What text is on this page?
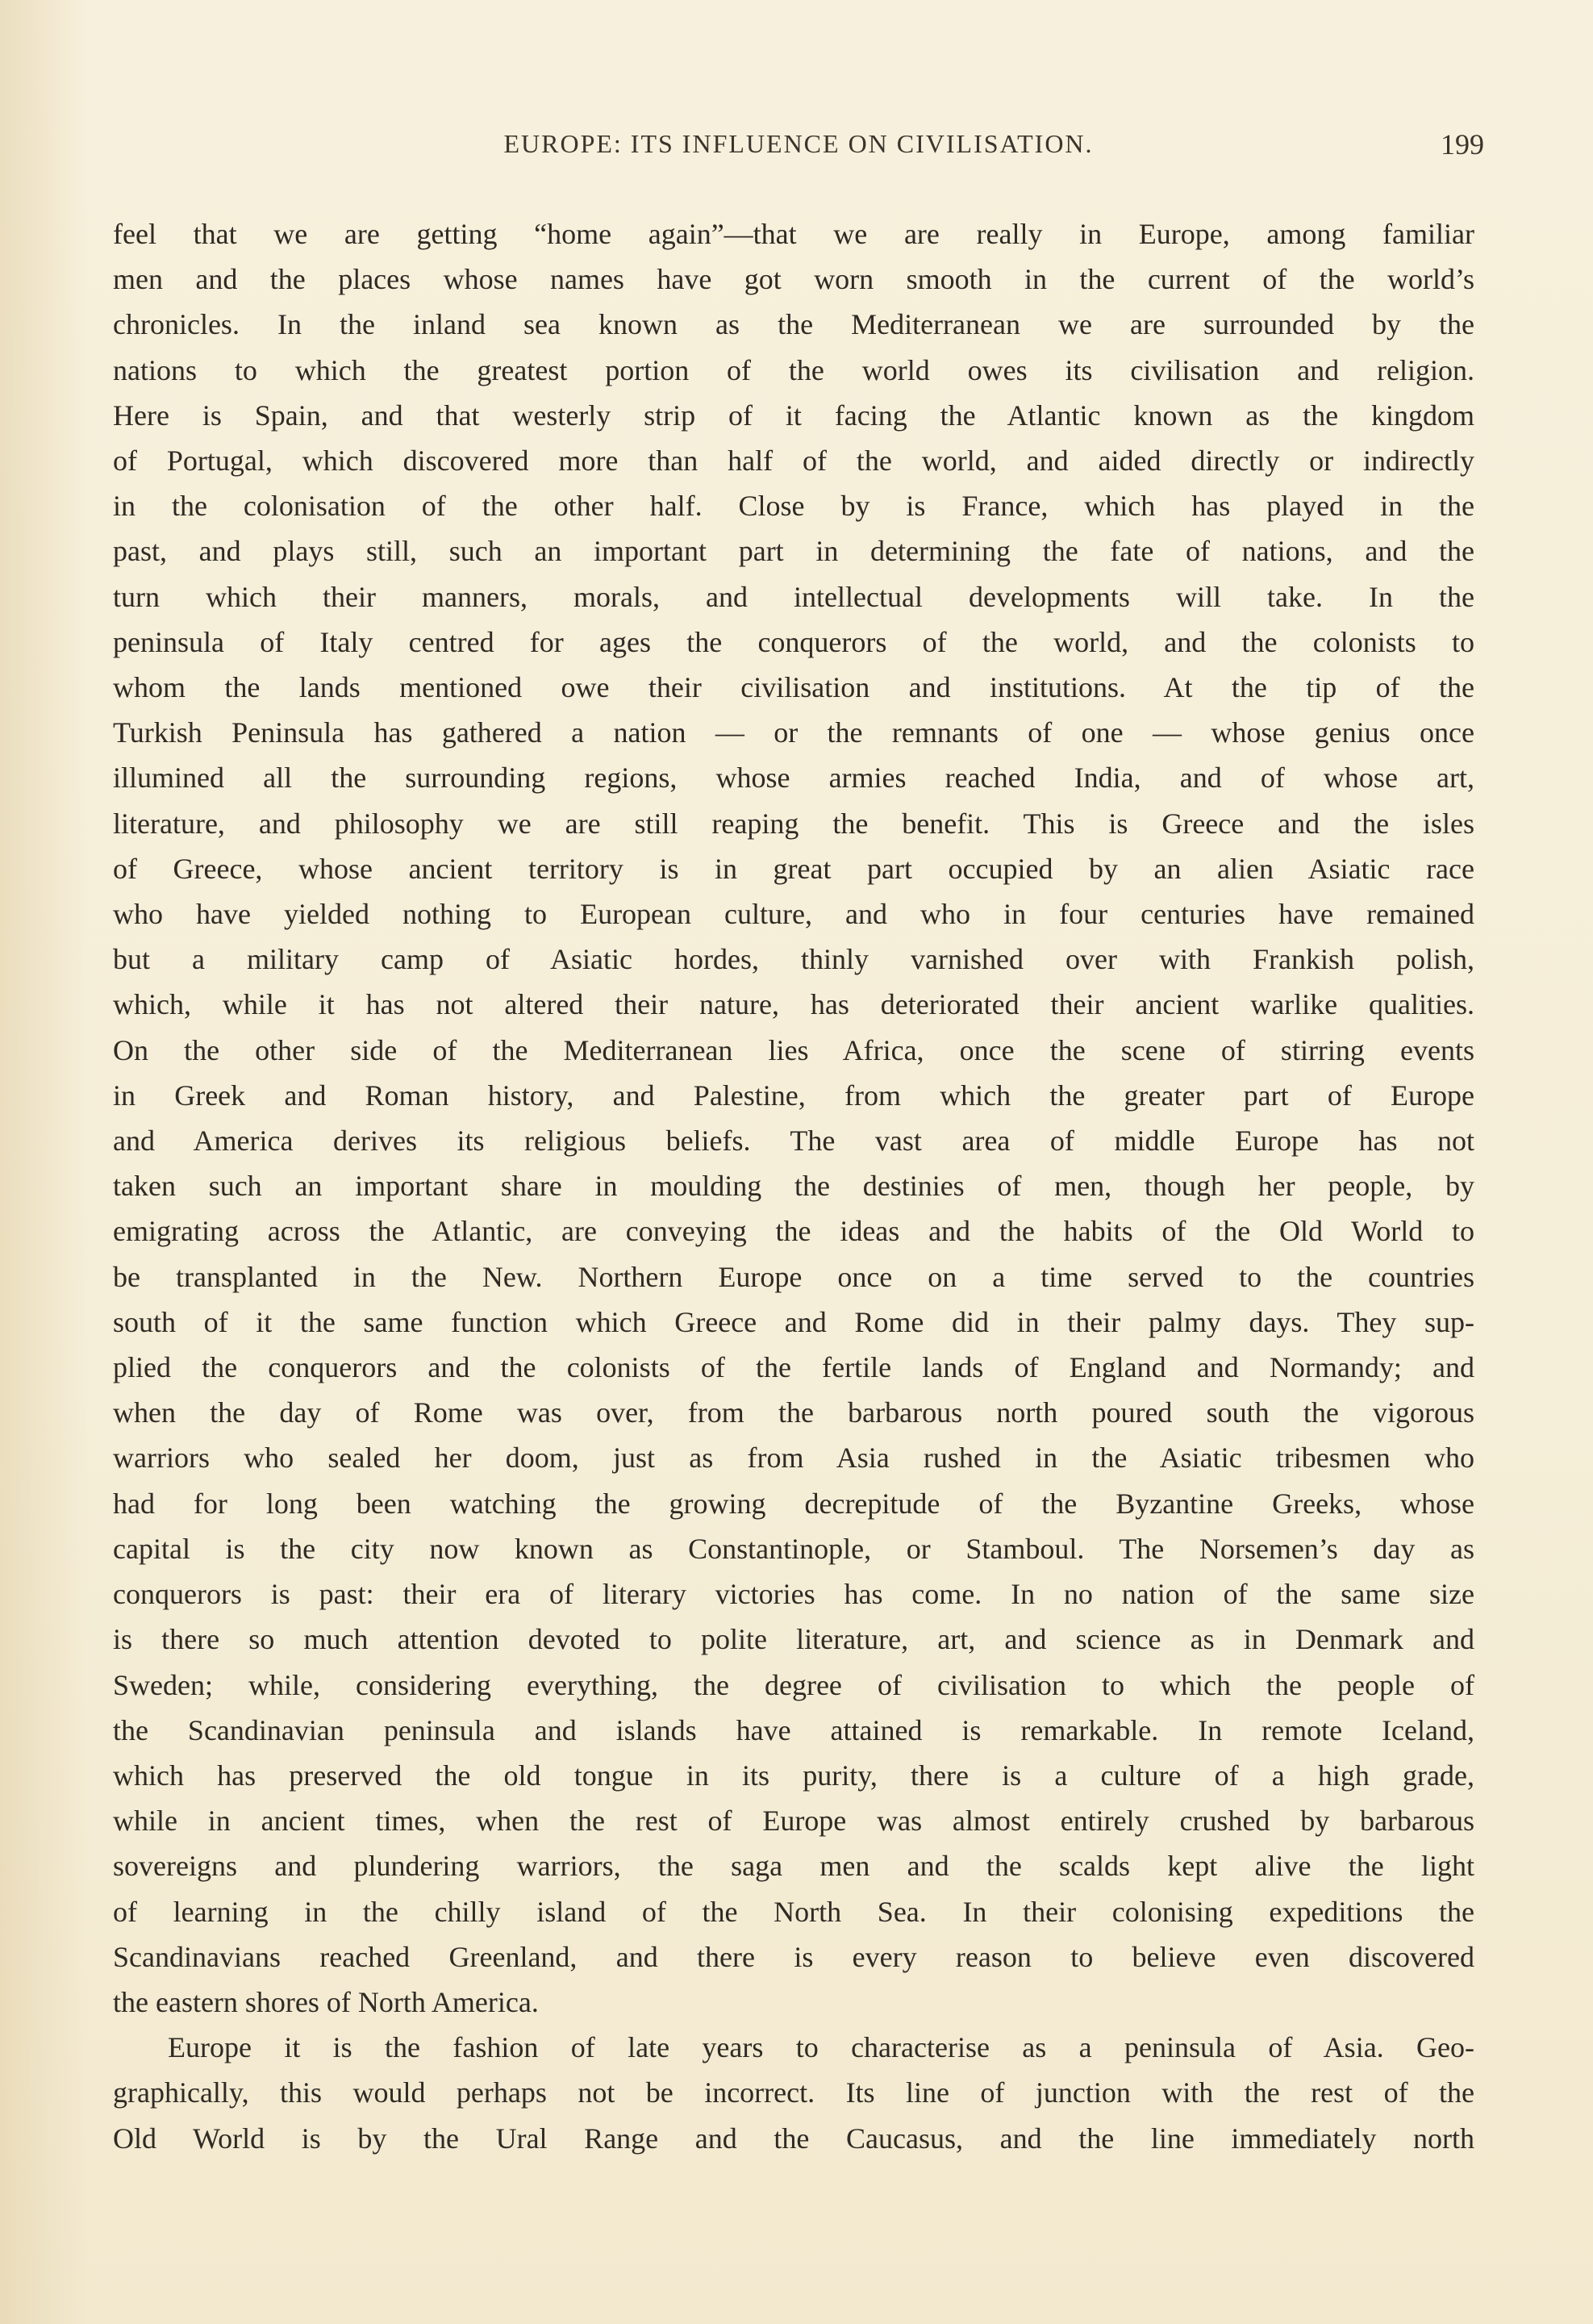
EUROPE: ITS INFLUENCE ON CIVILISATION.	199

feel that we are getting “home again”—that we are really in Europe, among familiar

men and the places whose names have got worn smooth in the current of the world’s

chronicles. In the inland sea known as the Mediterranean we are surrounded by the

nations to which the greatest portion of the world owes its civilisation and religion.

Here is Spain, and that westerly strip of it facing the Atlantic known as the kingdom

of Portugal, which discovered more than half of the world, and aided directly or indirectly

in the colonisation of the other half. Close by is France, which has played in the

past, and plays still, such an important part in determining the fate of nations, and the

turn which their manners, morals, and intellectual developments will take. In the

peninsula of Italy centred for ages the conquerors of the world, and the colonists to

whom the lands mentioned owe their civilisation and institutions. At the tip of the

Turkish Peninsula has gathered a nation — or the remnants of one — whose genius once

illumined all the surrounding regions, whose armies reached India, and of whose art,

literature, and philosophy we are still reaping the benefit. This is Greece and the isles

of Greece, whose ancient territory is in great part occupied by an alien Asiatic race

who have yielded nothing to European culture, and who in four centuries have remained

but a military camp of Asiatic hordes, thinly varnished over with Frankish polish,

which, while it has not altered their nature, has deteriorated their ancient warlike qualities.

On the other side of the Mediterranean lies Africa, once the scene of stirring events

in Greek and Roman history, and Palestine, from which the greater part of Europe

and America derives its religious beliefs. The vast area of middle Europe has not

taken such an important share in moulding the destinies of men, though her people, by

emigrating across the Atlantic, are conveying the ideas and the habits of the Old World to

be transplanted in the New. Northern Europe once on a time served to the countries

south of it the same function which Greece and Rome did in their palmy days. They sup-

plied the conquerors and the colonists of the fertile lands of England and Normandy; and

when the day of Rome was over, from the barbarous north poured south the vigorous

warriors who sealed her doom, just as from Asia rushed in the Asiatic tribesmen who

had for long been watching the growing decrepitude of the Byzantine Greeks, whose

capital is the city now known as Constantinople, or Stamboul. The Norsemen’s day as

conquerors is past: their era of literary victories has come. In no nation of the same size

is there so much attention devoted to polite literature, art, and science as in Denmark and

Sweden; while, considering everything, the degree of civilisation to which the people of

the Scandinavian peninsula and islands have attained is remarkable. In remote Iceland,

which has preserved the old tongue in its purity, there is a culture of a high grade,

while in ancient times, when the rest of Europe was almost entirely crushed by barbarous

sovereigns and plundering warriors, the saga men and the scalds kept alive the light

of learning in the chilly island of the North Sea. In their colonising expeditions the

Scandinavians reached Greenland, and there is every reason to believe even discovered

the eastern shores of North America.

Europe it is the fashion of late years to characterise as a peninsula of Asia. Geo-

graphically, this would perhaps not be incorrect. Its line of junction with the rest of the

Old World is by the Ural Range and the Caucasus, and the line immediately north
